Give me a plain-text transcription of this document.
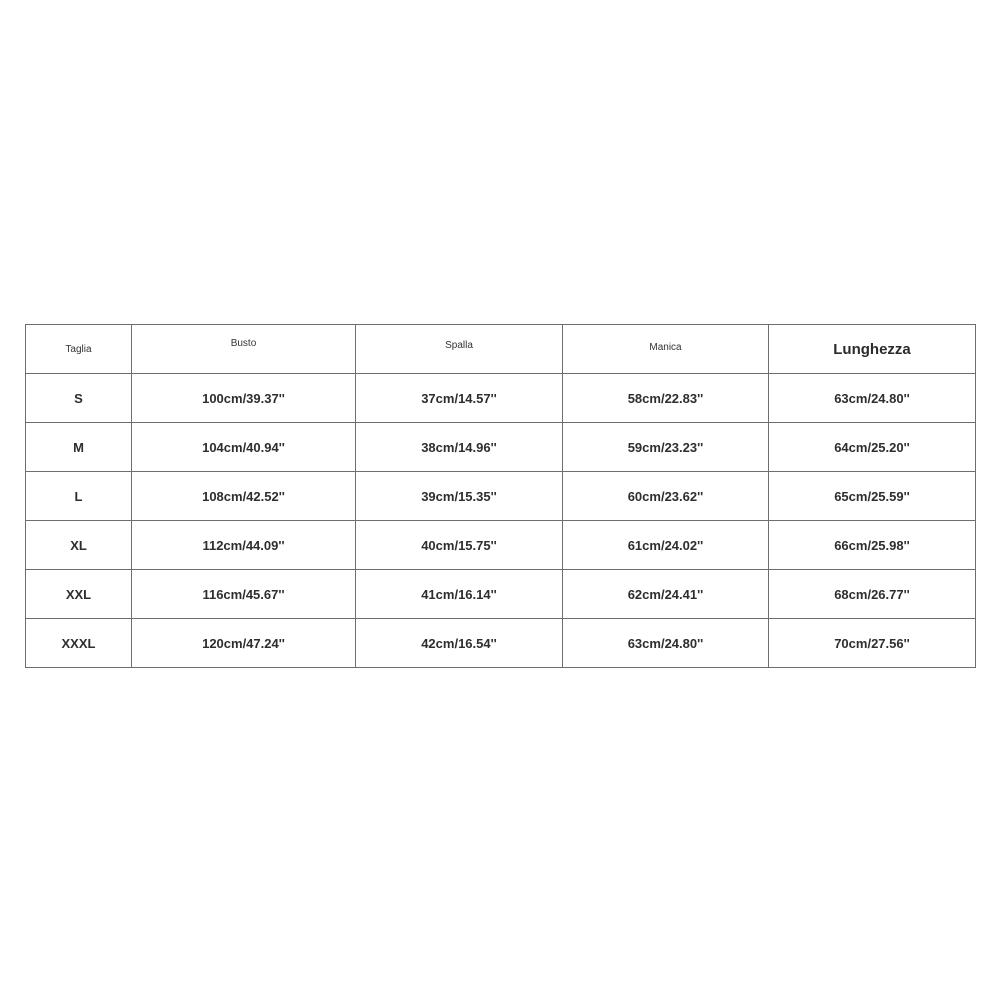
Taglia	Busto	Spalla	Manica	Lunghezza
S	100cm/39.37''	37cm/14.57''	58cm/22.83''	63cm/24.80''
M	104cm/40.94''	38cm/14.96''	59cm/23.23''	64cm/25.20''
L	108cm/42.52''	39cm/15.35''	60cm/23.62''	65cm/25.59''
XL	112cm/44.09''	40cm/15.75''	61cm/24.02''	66cm/25.98''
XXL	116cm/45.67''	41cm/16.14''	62cm/24.41''	68cm/26.77''
XXXL	120cm/47.24''	42cm/16.54''	63cm/24.80''	70cm/27.56''
